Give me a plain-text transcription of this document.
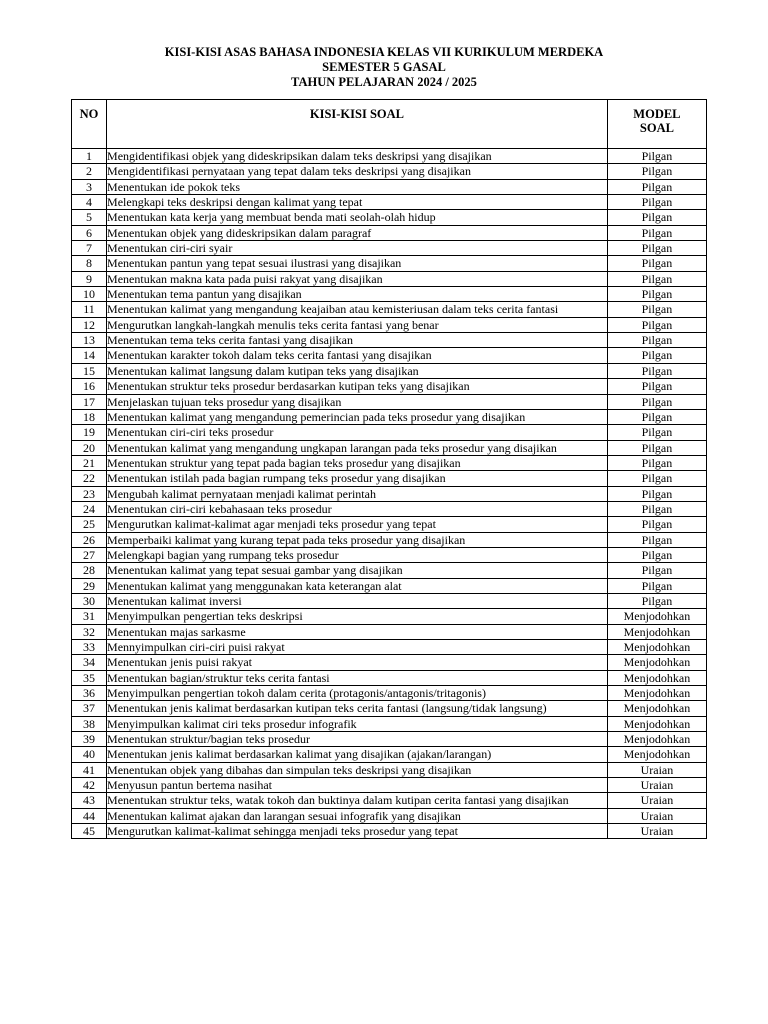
KISI-KISI ASAS BAHASA INDONESIA KELAS VII KURIKULUM MERDEKA
SEMESTER 5 GASAL
TAHUN PELAJARAN 2024 / 2025
NO	KISI-KISI SOAL	MODEL
SOAL
1	Mengidentifikasi objek yang dideskripsikan dalam teks deskripsi yang disajikan	Pilgan
2	Mengidentifikasi pernyataan yang tepat dalam teks deskripsi yang disajikan	Pilgan
3	Menentukan ide pokok teks	Pilgan
4	Melengkapi teks deskripsi dengan kalimat yang tepat	Pilgan
5	Menentukan kata kerja yang membuat benda mati seolah-olah hidup	Pilgan
6	Menentukan objek yang dideskripsikan dalam paragraf	Pilgan
7	Menentukan ciri-ciri syair	Pilgan
8	Menentukan pantun yang tepat sesuai ilustrasi yang disajikan	Pilgan
9	Menentukan makna kata pada puisi rakyat yang disajikan	Pilgan
10	Menentukan tema pantun yang disajikan	Pilgan
11	Menentukan kalimat yang mengandung keajaiban atau kemisteriusan dalam teks cerita fantasi	Pilgan
12	Mengurutkan langkah-langkah menulis teks cerita fantasi yang benar	Pilgan
13	Menentukan tema teks cerita fantasi yang disajikan	Pilgan
14	Menentukan karakter tokoh dalam teks cerita fantasi yang disajikan	Pilgan
15	Menentukan kalimat langsung dalam kutipan teks yang disajikan	Pilgan
16	Menentukan struktur teks prosedur berdasarkan kutipan teks yang disajikan	Pilgan
17	Menjelaskan tujuan teks prosedur yang disajikan	Pilgan
18	Menentukan kalimat yang mengandung pemerincian pada teks prosedur yang disajikan	Pilgan
19	Menentukan ciri-ciri teks prosedur	Pilgan
20	Menentukan kalimat yang mengandung ungkapan larangan pada teks prosedur yang disajikan	Pilgan
21	Menentukan struktur yang tepat pada bagian teks prosedur yang disajikan	Pilgan
22	Menentukan istilah pada bagian rumpang teks prosedur yang disajikan	Pilgan
23	Mengubah kalimat pernyataan menjadi kalimat perintah	Pilgan
24	Menentukan ciri-ciri kebahasaan teks prosedur	Pilgan
25	Mengurutkan kalimat-kalimat agar menjadi teks prosedur yang tepat	Pilgan
26	Memperbaiki kalimat yang kurang tepat pada teks prosedur yang disajikan	Pilgan
27	Melengkapi bagian yang rumpang teks prosedur	Pilgan
28	Menentukan kalimat yang tepat sesuai gambar yang disajikan	Pilgan
29	Menentukan kalimat yang menggunakan kata keterangan alat	Pilgan
30	Menentukan kalimat inversi	Pilgan
31	Menyimpulkan pengertian teks deskripsi	Menjodohkan
32	Menentukan majas sarkasme	Menjodohkan
33	Mennyimpulkan ciri-ciri puisi rakyat	Menjodohkan
34	Menentukan jenis puisi rakyat	Menjodohkan
35	Menentukan bagian/struktur teks cerita fantasi	Menjodohkan
36	Menyimpulkan pengertian tokoh dalam cerita (protagonis/antagonis/tritagonis)	Menjodohkan
37	Menentukan jenis kalimat berdasarkan kutipan teks cerita fantasi (langsung/tidak langsung)	Menjodohkan
38	Menyimpulkan kalimat ciri teks prosedur infografik	Menjodohkan
39	Menentukan struktur/bagian teks prosedur	Menjodohkan
40	Menentukan jenis kalimat berdasarkan kalimat yang disajikan (ajakan/larangan)	Menjodohkan
41	Menentukan objek yang dibahas dan simpulan teks deskripsi yang disajikan	Uraian
42	Menyusun pantun bertema nasihat	Uraian
43	Menentukan struktur teks, watak tokoh dan buktinya dalam kutipan cerita fantasi yang disajikan	Uraian
44	Menentukan kalimat ajakan dan larangan sesuai infografik yang disajikan	Uraian
45	Mengurutkan kalimat-kalimat sehingga menjadi teks prosedur yang tepat	Uraian
